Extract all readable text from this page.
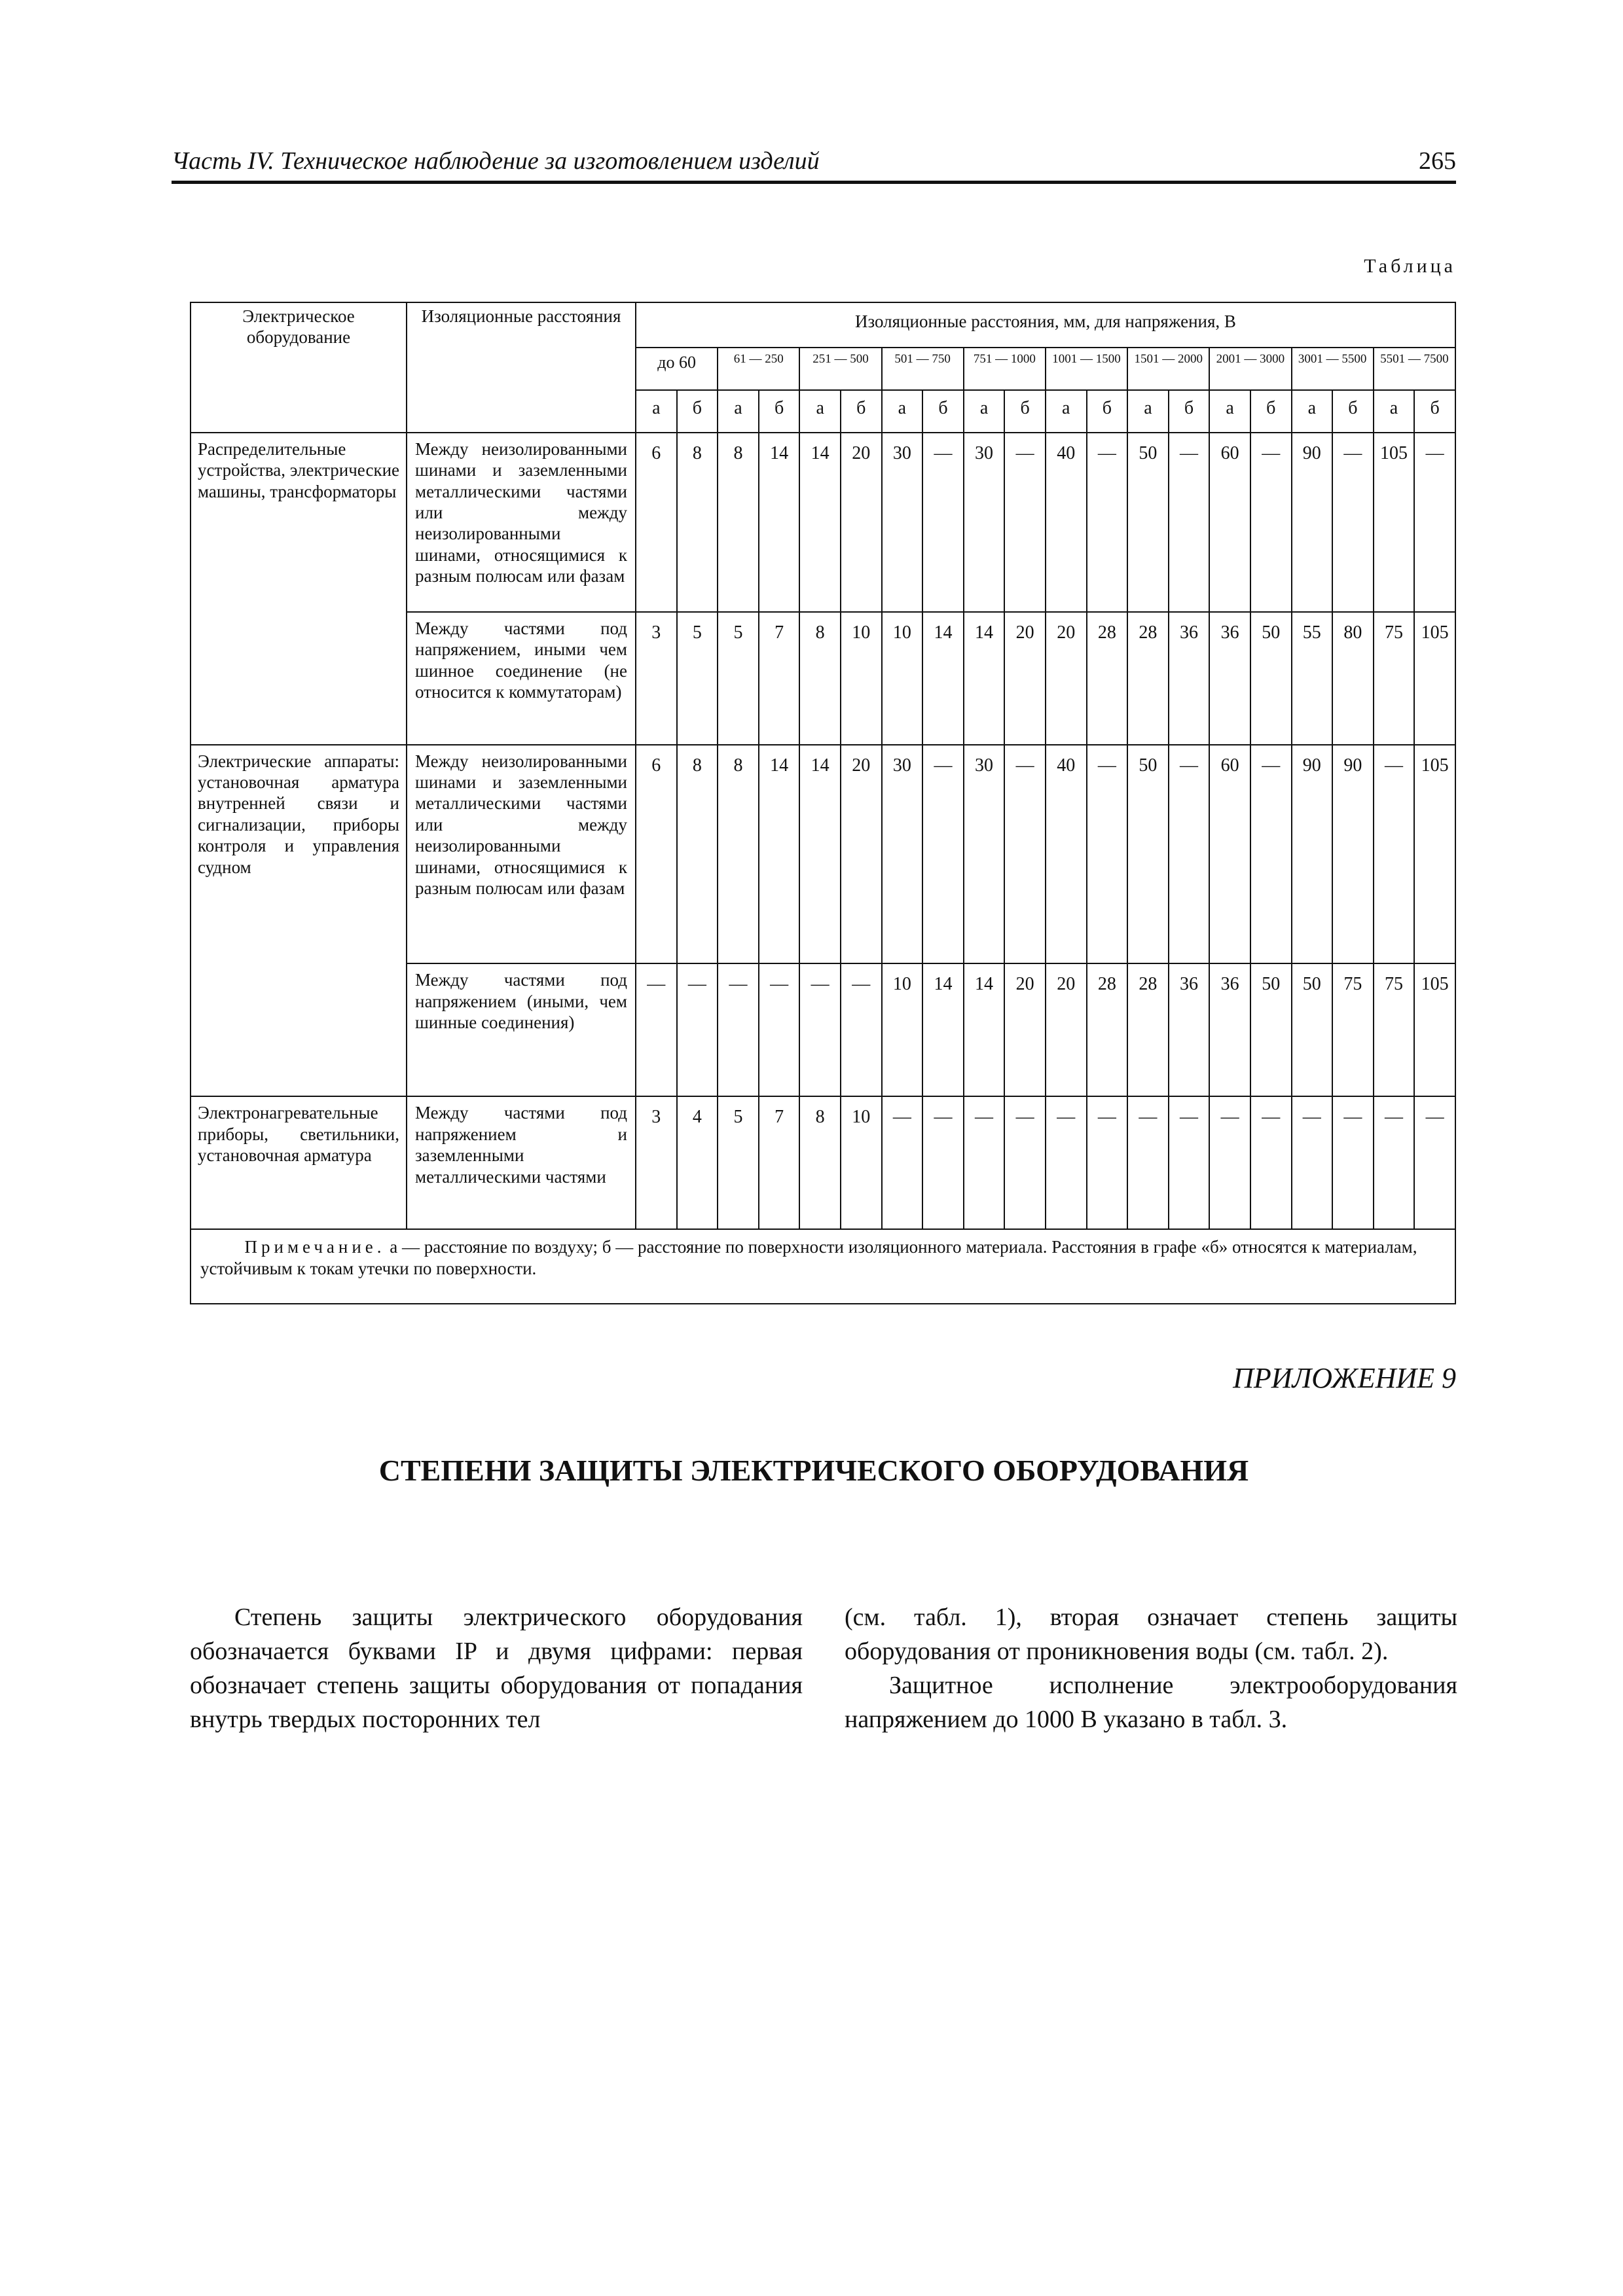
Часть IV. Техническое наблюдение за изготовлением изделий	265
Таблица
Электрическое оборудование	Изоляционные расстояния	Изоляционные расстояния, мм, для напряжения, В																			
		до 60		61 — 250		251 — 500		501 — 750		751 — 1000		1001 — 1500		1501 — 2000		2001 — 3000		3001 — 5500		5501 — 7500	
		а	б	а	б	а	б	а	б	а	б	а	б	а	б	а	б	а	б	а	б
Распределительные устройства, электрические машины, трансформаторы	Между неизолированными шинами и заземленными металлическими частями или между неизолированными шинами, относящимися к разным полюсам или фазам	6	8	8	14	14	20	30	—	30	—	40	—	50	—	60	—	90	—	105	—
	Между частями под напряжением, иными чем шинное соединение (не относится к коммутаторам)	3	5	5	7	8	10	10	14	14	20	20	28	28	36	36	50	55	80	75	105
Электрические аппараты: установочная арматура внутренней связи и сигнализации, приборы контроля и управления судном	Между неизолированными шинами и заземленными металлическими частями или между неизолированными шинами, относящимися к разным полюсам или фазам	6	8	8	14	14	20	30	—	30	—	40	—	50	—	60	—	90	90	—	105
	Между частями под напряжением (иными, чем шинные соединения)	—	—	—	—	—	—	10	14	14	20	20	28	28	36	36	50	50	75	75	105
Электронагревательные приборы, светильники, установочная арматура	Между частями под напряжением и заземленными металлическими частями	3	4	5	7	8	10	—	—	—	—	—	—	—	—	—	—	—	—	—	—
Примечание. а — расстояние по воздуху; б — расстояние по поверхности изоляционного материала. Расстояния в графе «б» относятся к материалам, устойчивым к токам утечки по поверхности.																					
ПРИЛОЖЕНИЕ 9
СТЕПЕНИ ЗАЩИТЫ ЭЛЕКТРИЧЕСКОГО ОБОРУДОВАНИЯ

Степень защиты электрического оборудования обозначается буквами IP и двумя цифрами: первая обозначает степень защиты оборудования от попадания внутрь твердых посторонних тел

(см. табл. 1), вторая означает степень защиты оборудования от проникновения воды (см. табл. 2).

Защитное исполнение электрооборудования напряжением до 1000 В указано в табл. 3.
